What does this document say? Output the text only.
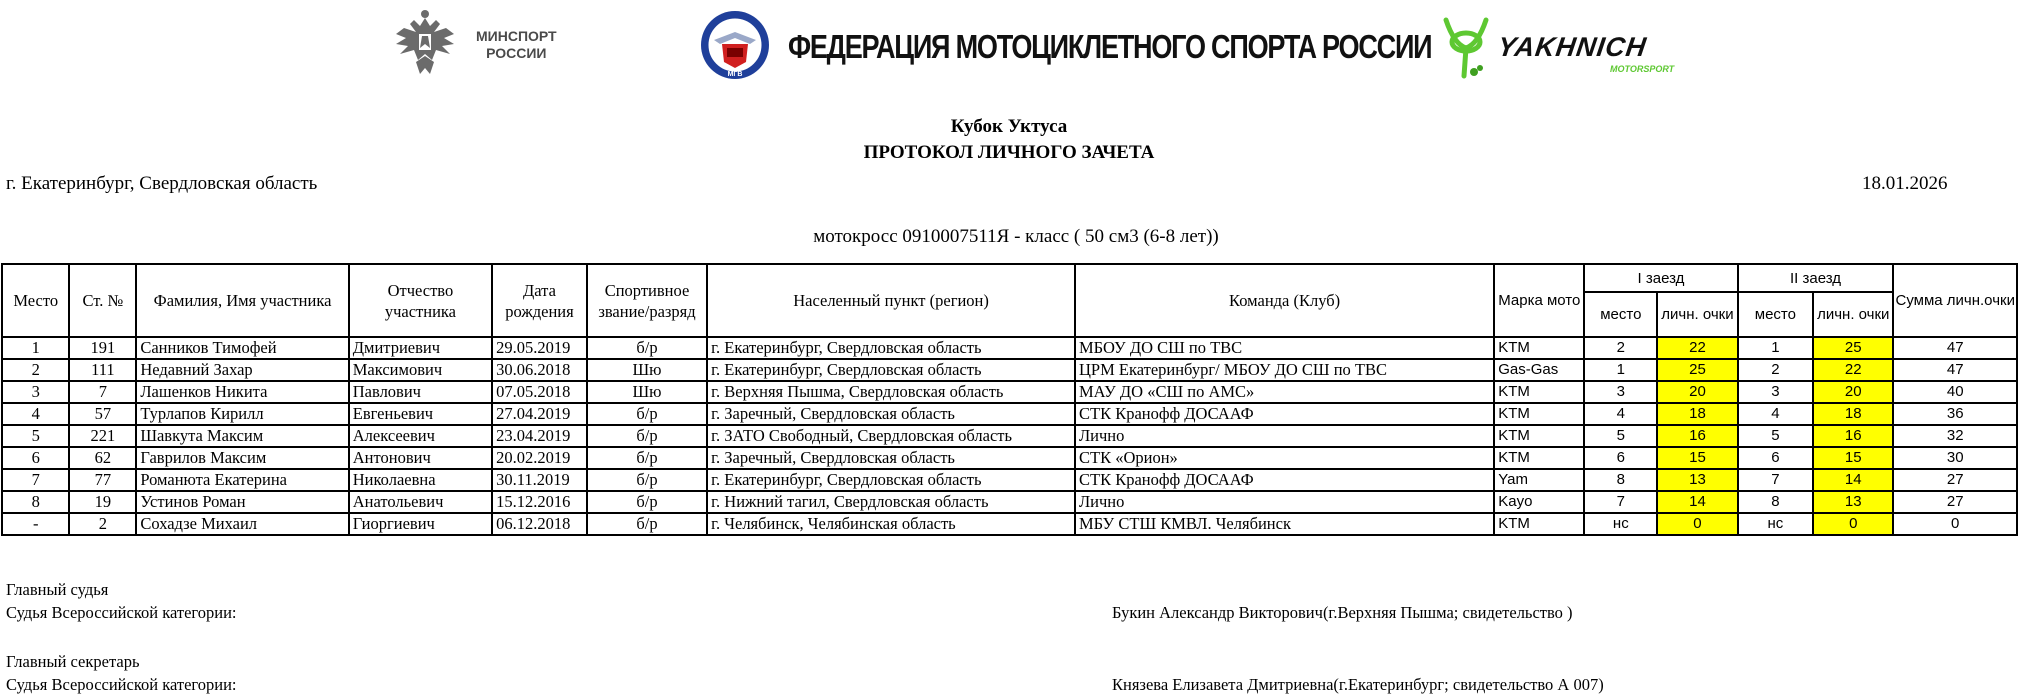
МИНСПОРТ
РОССИИ
МГВ
ФЕДЕРАЦИЯ МОТОЦИКЛЕТНОГО СПОРТА РОССИИ YAKHNICH
MOTORSPORT
Кубок Уктуса
ПРОТОКОЛ ЛИЧНОГО ЗАЧЕТА
г. Екатеринбург, Свердловская область	18.01.2026
мотокросс 0910007511Я - класс ( 50 см3 (6-8 лет))
Место	Ст. №	Фамилия, Имя участника	Отчество участника	Дата рождения	Спортивное звание/разряд	Населенный пункт (регион)	Команда (Клуб)	Марка мото	I заезд		II заезд		Сумма личн.очки
									место	личн. очки	место	личн. очки	
1	191	Санников Тимофей	Дмитриевич	29.05.2019	б/р	г. Екатеринбург, Свердловская область	МБОУ ДО СШ по ТВС	KTM	2	22	1	25	47
2	111	Недавний Захар	Максимович	30.06.2018	Шю	г. Екатеринбург, Свердловская область	ЦРМ Екатеринбург/ МБОУ ДО СШ по ТВС	Gas-Gas	1	25	2	22	47
3	7	Лашенков Никита	Павлович	07.05.2018	Шю	г. Верхняя Пышма, Свердловская область	МАУ ДО «СШ по АМС»	KTM	3	20	3	20	40
4	57	Турлапов Кирилл	Евгеньевич	27.04.2019	б/р	г. Заречный, Свердловская область	СТК Кранофф ДОСААФ	KTM	4	18	4	18	36
5	221	Шавкута Максим	Алексеевич	23.04.2019	б/р	г. ЗАТО Свободный, Свердловская область	Лично	KTM	5	16	5	16	32
6	62	Гаврилов Максим	Антонович	20.02.2019	б/р	г. Заречный, Свердловская область	СТК «Орион»	KTM	6	15	6	15	30
7	77	Романюта Екатерина	Николаевна	30.11.2019	б/р	г. Екатеринбург, Свердловская область	СТК Кранофф ДОСААФ	Yam	8	13	7	14	27
8	19	Устинов Роман	Анатольевич	15.12.2016	б/р	г. Нижний тагил, Свердловская область	Лично	Kayo	7	14	8	13	27
-	2	Сохадзе Михаил	Гиоргиевич	06.12.2018	б/р	г. Челябинск, Челябинская область	МБУ СТШ КМВЛ. Челябинск	KTM	нс	0	нс	0	0
Главный судья
Судья Всероссийской категории:	Букин Александр Викторович(г.Верхняя Пышма; свидетельство )
Главный секретарь
Судья Всероссийской категории:	Князева Елизавета Дмитриевна(г.Екатеринбург; свидетельство А 007)
